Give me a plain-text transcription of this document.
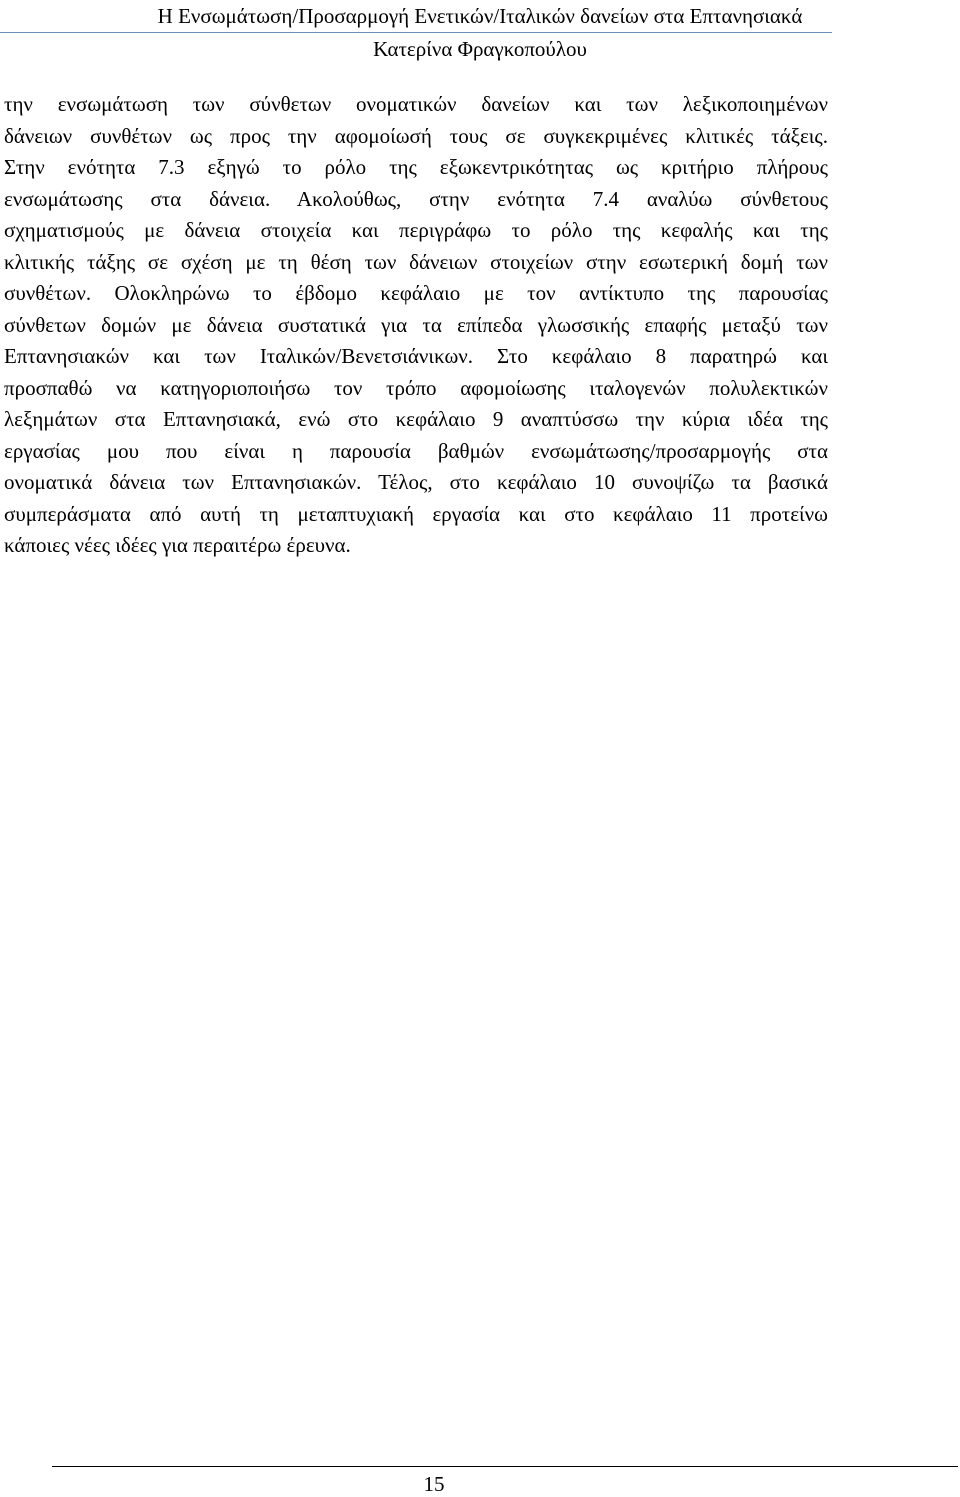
Η Ενσωμάτωση/Προσαρμογή Ενετικών/Ιταλικών δανείων στα Επτανησιακά
Κατερίνα Φραγκοπούλου
την ενσωμάτωση των σύνθετων ονοματικών δανείων και των λεξικοποιημένων
δάνειων συνθέτων ως προς την αφομοίωσή τους σε συγκεκριμένες κλιτικές τάξεις.
Στην ενότητα 7.3 εξηγώ το ρόλο της εξωκεντρικότητας ως κριτήριο πλήρους
ενσωμάτωσης στα δάνεια. Ακολούθως, στην ενότητα 7.4 αναλύω σύνθετους
σχηματισμούς με δάνεια στοιχεία και περιγράφω το ρόλο της κεφαλής και της
κλιτικής τάξης σε σχέση με τη θέση των δάνειων στοιχείων στην εσωτερική δομή των
συνθέτων. Ολοκληρώνω το έβδομο κεφάλαιο με τον αντίκτυπο της παρουσίας
σύνθετων δομών με δάνεια συστατικά για τα επίπεδα γλωσσικής επαφής μεταξύ των
Επτανησιακών και των Ιταλικών/Βενετσιάνικων. Στο κεφάλαιο 8 παρατηρώ και
προσπαθώ να κατηγοριοποιήσω τον τρόπο αφομοίωσης ιταλογενών πολυλεκτικών
λεξημάτων στα Επτανησιακά, ενώ στο κεφάλαιο 9 αναπτύσσω την κύρια ιδέα της
εργασίας μου που είναι η παρουσία βαθμών ενσωμάτωσης/προσαρμογής στα
ονοματικά δάνεια των Επτανησιακών. Τέλος, στο κεφάλαιο 10 συνοψίζω τα βασικά
συμπεράσματα από αυτή τη μεταπτυχιακή εργασία και στο κεφάλαιο 11 προτείνω
κάποιες νέες ιδέες για περαιτέρω έρευνα.
15
